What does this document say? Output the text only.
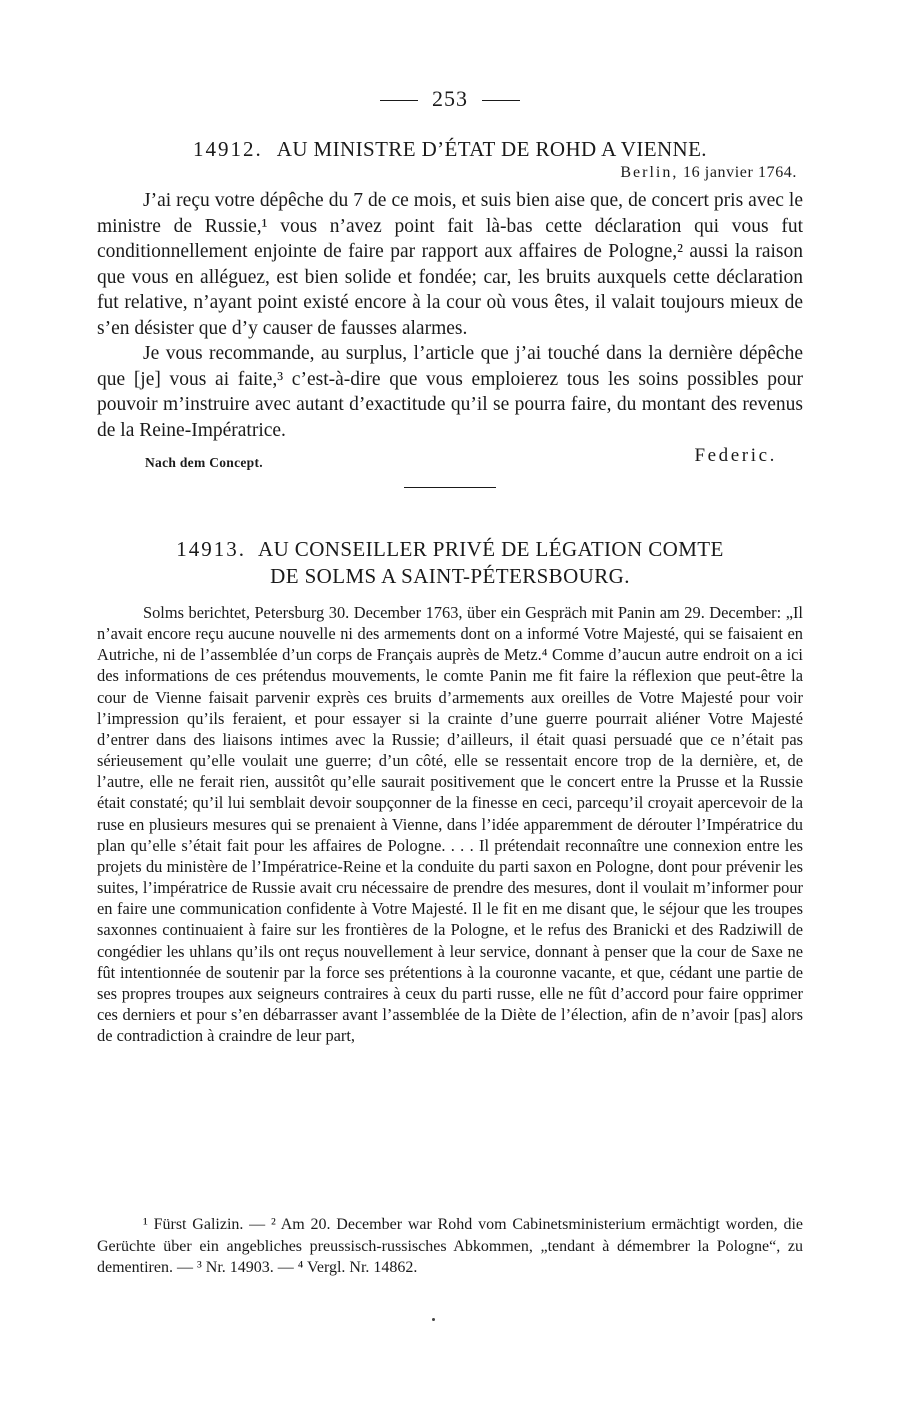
253
14912. AU MINISTRE D’ÉTAT DE ROHD A VIENNE.
Berlin, 16 janvier 1764.

J’ai reçu votre dépêche du 7 de ce mois, et suis bien aise que, de concert pris avec le ministre de Russie,¹ vous n’avez point fait là-bas cette déclaration qui vous fut conditionnellement enjointe de faire par rapport aux affaires de Pologne,² aussi la raison que vous en alléguez, est bien solide et fondée; car, les bruits auxquels cette déclaration fut relative, n’ayant point existé encore à la cour où vous êtes, il valait toujours mieux de s’en désister que d’y causer de fausses alarmes.

Je vous recommande, au surplus, l’article que j’ai touché dans la dernière dépêche que [je] vous ai faite,³ c’est-à-dire que vous emploierez tous les soins possibles pour pouvoir m’instruire avec autant d’exactitude qu’il se pourra faire, du montant des revenus de la Reine-Impératrice.

Nach dem Concept.	Federic.
14913. AU CONSEILLER PRIVÉ DE LÉGATION COMTE
DE SOLMS A SAINT-PÉTERSBOURG.

Solms berichtet, Petersburg 30. December 1763, über ein Gespräch mit Panin am 29. December: „Il n’avait encore reçu aucune nouvelle ni des armements dont on a informé Votre Majesté, qui se faisaient en Autriche, ni de l’assemblée d’un corps de Français auprès de Metz.⁴ Comme d’aucun autre endroit on a ici des informations de ces prétendus mouvements, le comte Panin me fit faire la réflexion que peut-être la cour de Vienne faisait parvenir exprès ces bruits d’armements aux oreilles de Votre Majesté pour voir l’impression qu’ils feraient, et pour essayer si la crainte d’une guerre pourrait aliéner Votre Majesté d’entrer dans des liaisons intimes avec la Russie; d’ailleurs, il était quasi persuadé que ce n’était pas sérieusement qu’elle voulait une guerre; d’un côté, elle se ressentait encore trop de la dernière, et, de l’autre, elle ne ferait rien, aussitôt qu’elle saurait positivement que le concert entre la Prusse et la Russie était constaté; qu’il lui semblait devoir soupçonner de la finesse en ceci, parcequ’il croyait apercevoir de la ruse en plusieurs mesures qui se prenaient à Vienne, dans l’idée apparemment de dérouter l’Impératrice du plan qu’elle s’était fait pour les affaires de Pologne. . . . Il prétendait reconnaître une connexion entre les projets du ministère de l’Impératrice-Reine et la conduite du parti saxon en Pologne, dont pour prévenir les suites, l’impératrice de Russie avait cru nécessaire de prendre des mesures, dont il voulait m’informer pour en faire une communication confidente à Votre Majesté. Il le fit en me disant que, le séjour que les troupes saxonnes continuaient à faire sur les frontières de la Pologne, et le refus des Branicki et des Radziwill de congédier les uhlans qu’ils ont reçus nouvellement à leur service, donnant à penser que la cour de Saxe ne fût intentionnée de soutenir par la force ses prétentions à la couronne vacante, et que, cédant une partie de ses propres troupes aux seigneurs contraires à ceux du parti russe, elle ne fût d’accord pour faire opprimer ces derniers et pour s’en débarrasser avant l’assemblée de la Diète de l’élection, afin de n’avoir [pas] alors de contradiction à craindre de leur part,

¹ Fürst Galizin. — ² Am 20. December war Rohd vom Cabinetsministerium ermächtigt worden, die Gerüchte über ein angebliches preussisch-russisches Abkommen, „tendant à démembrer la Pologne“, zu dementiren. — ³ Nr. 14903. — ⁴ Vergl. Nr. 14862.
